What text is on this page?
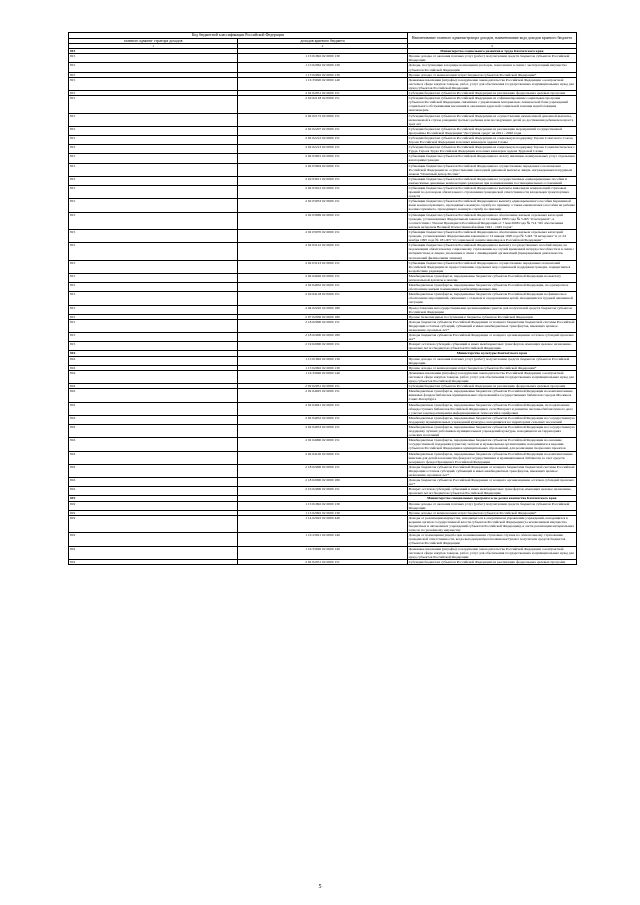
Код бюджетной классификации Российской Федерации		Наименование главного администратора доходов, наименование кода доходов краевого бюджета
главного админи- стратора доходов	доходов краевого бюджета	
1	2	3
815		Министерство социального развития и труда Камчатского края
815	1 13 01992 02 0000 130	Прочие доходы от оказания платных услуг (работ) получателями средств бюджетов субъектов Российской Федерации
815	1 13 02062 02 0000 130	Доходы, поступающие в порядке возмещения расходов, понесенных в связи с эксплуатацией имущества субъектов Российской Федерации
815	1 13 02992 02 0000 130	Прочие доходы от компенсации затрат бюджетов субъектов Российской Федерации*
815	1 16 33020 02 0000 140	Денежные взыскания (штрафы) за нарушение законодательства Российской Федерации о контрактной системе в сфере закупок товаров, работ, услуг для обеспечения государственных и муниципальных нужд для нужд субъектов Российской Федерации
815	2 02 02051 02 0000 151	Субсидии бюджетам субъектов Российской Федерации на реализацию федеральных целевых программ
815	2 02 02118 02 0000 151	Субсидии бюджетам субъектов Российской Федерации на софинансирование социальных программ субъектов Российской Федерации, связанных с укреплением материально-технической базы учреждений социального обслуживания населения и оказанием адресной социальной помощи неработающим пенсионерам
815	2 02 02172 02 0000 151	Субсидии бюджетам субъектов Российской Федерации на осуществление ежемесячной денежной выплаты, назначаемой в случае рождения третьего ребенка или последующих детей до достижения ребенком возраста трех лет
815	2 02 02207 02 0000 151	Субсидии бюджетам субъектов Российской Федерации на реализацию мероприятий государственной программы Российской Федерации "Доступная среда" на 2011 - 2020 годы
815	2 02 02212 02 0000 151	Субсидии бюджетам субъектов Российской Федерации на социальную поддержку Героев Советского Союза, Героев Российской Федерации и полных кавалеров ордена Славы
815	2 02 02213 02 0000 151	Субсидии бюджетам субъектов Российской Федерации на социальную поддержку Героев Социалистического Труда, Героев Труда Российской Федерации и полных кавалеров ордена Трудовой Славы
815	2 02 03001 02 0000 151	Субвенции бюджетам субъектов Российской Федерации на оплату жилищно-коммунальных услуг отдельным категориям граждан
815	2 02 03004 02 0000 151	Субвенции бюджетам субъектов Российской Федерации на осуществление переданного полномочия Российской Федерации по осуществлению ежегодной денежной выплаты лицам, награжденным нагрудным знаком "Почетный донор России"
815	2 02 03011 02 0000 151	Субвенции бюджетам субъектов Российской Федерации на государственные единовременные пособия и ежемесячные денежные компенсации гражданам при возникновении поствакцинальных осложнений
815	2 02 03012 02 0000 151	Субвенции бюджетам субъектов Российской Федерации на выплаты инвалидам компенсаций страховых премий по договорам обязательного страхования гражданской ответственности владельцев транспортных средств
815	2 02 03053 02 0000 151	Субвенции бюджетам субъектов Российской Федерации на выплату единовременного пособия беременной жене военнослужащего, проходящего военную службу по призыву, а также ежемесячного пособия на ребенка военнослужащего, проходящего военную службу по призыву
815	2 02 03069 02 0000 151	Субвенции бюджетам субъектов Российской Федерации на обеспечение жильем отдельных категорий граждан, установленных Федеральным законом от 12 января 1995 года № 5-ФЗ "О ветеранах", в соответствии с Указом Президента Российской Федерации от 7 мая 2008 года № 714 "Об обеспечении жильем ветеранов Великой Отечественной войны 1941 - 1945 годов"
815	2 02 03070 02 0000 151	Субвенции бюджетам субъектов Российской Федерации на обеспечение жильем отдельных категорий граждан, установленных Федеральными законами от 12 января 1995 года № 5-ФЗ "О ветеранах" и от 24 ноября 1995 года № 181-ФЗ "О социальной защите инвалидов в Российской Федерации"
815	2 02 03122 02 0000 151	Субвенции бюджетам субъектов Российской Федерации на выплату государственных пособий лицам, не подлежащим обязательному социальному страхованию на случай временной нетрудоспособности и в связи с материнством, и лицам, уволенным в связи с ликвидацией организаций (прекращением деятельности, полномочий физическими лицами)
815	2 02 03123 02 0000 151	Субвенции бюджетам субъектов Российской Федерации на осуществление переданных полномочий Российской Федерации по предоставлению отдельных мер социальной поддержки граждан, подвергшихся воздействию радиации
815	2 02 04026 02 0000 151	Межбюджетные трансферты, передаваемые бюджетам субъектов Российской Федерации на выплату региональной доплаты к пенсии
815	2 02 04032 02 0000 151	Межбюджетные трансферты, передаваемые бюджетам субъектов Российской Федерации, на однократное обеспечение жилым помещением реабилитированных лиц
815	2 02 04118 02 0000 151	Межбюджетные трансферты, передаваемые бюджетам субъектов Российской Федерации на финансовое обеспечение мероприятий, связанных с отдыхом и оздоровлением детей, находящихся в трудной жизненной ситуации
815	2 04 02010 02 0000 180	Предоставление негосударственными организациями грантов для получателей средств бюджетов субъектов Российской Федерации
815	2 07 02030 02 0000 180	Прочие безвозмездные поступления в бюджеты субъектов Российской Федерации
815	2 18 02000 02 0000 151	Доходы бюджетов субъектов Российской Федерации от возврата бюджетами бюджетной системы Российской Федерации остатков субсидий, субвенций и иных межбюджетных трансфертов, имеющих целевое назначение, прошлых лет*
815	2 18 02000 02 0000 180	Доходы бюджетов субъектов Российской Федерации от возврата организациями остатков субсидий прошлых лет*
815	2 19 02000 02 0000 151	Возврат остатков субсидий, субвенций и иных межбюджетных трансфертов, имеющих целевое назначение, прошлых лет из бюджетов субъектов Российской Федерации
816		Министерство культуры Камчатского края
816	1 13 01992 02 0000 130	Прочие доходы от оказания платных услуг (работ) получателями средств бюджетов субъектов Российской Федерации
816	1 13 02992 02 0000 130	Прочие доходы от компенсации затрат бюджетов субъектов Российской Федерации*
816	1 16 33020 02 0000 140	Денежные взыскания (штрафы) за нарушение законодательства Российской Федерации о контрактной системе в сфере закупок товаров, работ, услуг для обеспечения государственных и муниципальных нужд для нужд субъектов Российской Федерации
816	2 02 02051 02 0000 151	Субсидии бюджетам субъектов Российской Федерации на реализацию федеральных целевых программ
816	2 02 04025 02 0000 151	Межбюджетные трансферты, передаваемые бюджетам субъектов Российской Федерации на комплектование книжных фондов библиотек муниципальных образований и государственных библиотек городов Москвы и Санкт-Петербурга
816	2 02 04041 02 0000 151	Межбюджетные трансферты, передаваемые бюджетам субъектов Российской Федерации, на подключение общедоступных библиотек Российской Федерации к сети Интернет и развитие системы библиотечного дела с учетом задачи расширения информационных технологий и оцифровки
816	2 02 04052 02 0000 151	Межбюджетные трансферты, передаваемые бюджетам субъектов Российской Федерации на государственную поддержку муниципальных учреждений культуры, находящихся на территориях сельских поселений
816	2 02 04053 02 0000 151	Межбюджетные трансферты, передаваемые бюджетам субъектов Российской Федерации на государственную поддержку лучших работников муниципальных учреждений культуры, находящихся на территориях сельских поселений
816	2 02 04090 02 0000 151	Межбюджетные трансферты, передаваемые бюджетам субъектов Российской Федерации на оказание государственной поддержки (грантов) театрам и музыкальным организациям, находящимся в ведении субъектов Российской Федерации и муниципальных образований, для реализации творческих проектов
816	2 02 04120 02 0000 151	Межбюджетные трансферты, передаваемые бюджетам субъектов Российской Федерации на комплектование книгами для детей и юношества фондов государственных и муниципальных библиотек за счет средств резервного фонда Президента Российской Федерации
816	2 18 02000 02 0000 151	Доходы бюджетов субъектов Российской Федерации от возврата бюджетами бюджетной системы Российской Федерации остатков субсидий, субвенций и иных межбюджетных трансфертов, имеющих целевое назначение, прошлых лет*
816	2 18 02000 02 0000 180	Доходы бюджетов субъектов Российской Федерации от возврата организациями остатков субсидий прошлых лет*
816	2 19 02000 02 0000 151	Возврат остатков субсидий, субвенций и иных межбюджетных трансфертов, имеющих целевое назначение, прошлых лет из бюджетов субъектов Российской Федерации
819		Министерство специальных программ и по делам казачества Камчатского края
819	1 13 01992 02 0000 130	Прочие доходы от оказания платных услуг (работ) получателями средств бюджетов субъектов Российской Федерации
819	1 13 02992 02 0000 130	Прочие доходы от компенсации затрат бюджетов субъектов Российской Федерации*
819	1 14 02022 02 0000 440	Доходы от реализации имущества, находящегося в оперативном управлении учреждений, находящихся в ведении органов государственной власти субъектов Российской Федерации (за исключением имущества бюджетных и автономных учреждений субъектов Российской Федерации), в части реализации материальных запасов по указанному имуществу
819	1 16 23021 02 0000 140	Доходы от возмещения ущерба при возникновении страховых случаев по обязательному страхованию гражданской ответственности, когда выгодоприобретателями выступают получатели средств бюджетов субъектов Российской Федерации
819	1 16 33020 02 0000 140	Денежные взыскания (штрафы) за нарушение законодательства Российской Федерации о контрактной системе в сфере закупок товаров, работ, услуг для обеспечения государственных и муниципальных нужд для нужд субъектов Российской Федерации
819	2 02 02051 02 0000 151	Субсидии бюджетам субъектов Российской Федерации на реализацию федеральных целевых программ
5
